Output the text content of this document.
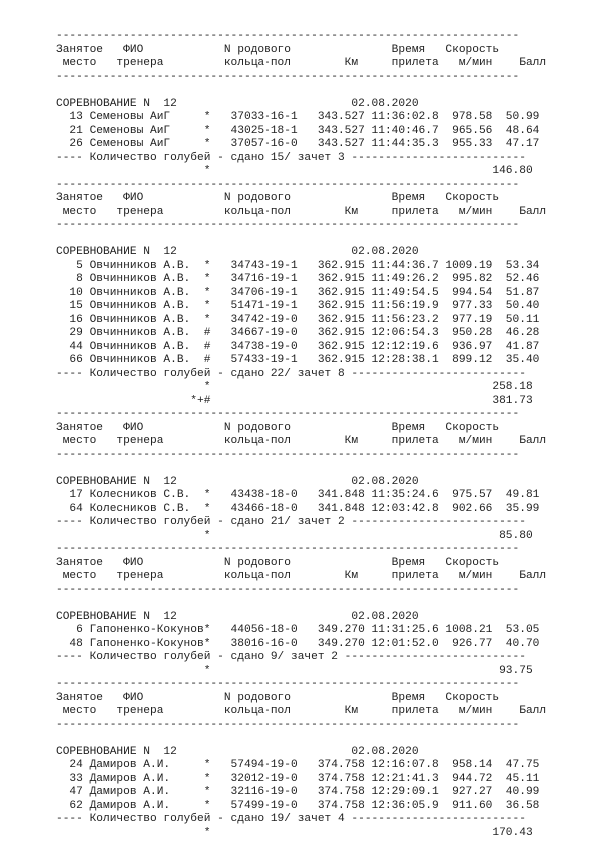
---------------------------------------------------------------------
Занятое   ФИО            N родового               Время   Скорость
место   тренера         кольца-пол        Км     прилета   м/мин    Балл
---------------------------------------------------------------------

СОРЕВНОВАНИЕ N  12                          02.08.2020
13 Семеновы АиГ     *   37033-16-1   343.527 11:36:02.8  978.58  50.99
21 Семеновы АиГ     *   43025-18-1   343.527 11:40:46.7  965.56  48.64
26 Семеновы АиГ     *   37057-16-0   343.527 11:44:35.3  955.33  47.17
---- Количество голубей - сдано 15/ зачет 3 --------------------------
*                                          146.80
---------------------------------------------------------------------
Занятое   ФИО            N родового               Время   Скорость
место   тренера         кольца-пол        Км     прилета   м/мин    Балл
---------------------------------------------------------------------

СОРЕВНОВАНИЕ N  12                          02.08.2020
5 Овчинников А.В.  *   34743-19-1   362.915 11:44:36.7 1009.19  53.34
8 Овчинников А.В.  *   34716-19-1   362.915 11:49:26.2  995.82  52.46
10 Овчинников А.В.  *   34706-19-1   362.915 11:49:54.5  994.54  51.87
15 Овчинников А.В.  *   51471-19-1   362.915 11:56:19.9  977.33  50.40
16 Овчинников А.В.  *   34742-19-0   362.915 11:56:23.2  977.19  50.11
29 Овчинников А.В.  #   34667-19-0   362.915 12:06:54.3  950.28  46.28
44 Овчинников А.В.  #   34738-19-0   362.915 12:12:19.6  936.97  41.87
66 Овчинников А.В.  #   57433-19-1   362.915 12:28:38.1  899.12  35.40
---- Количество голубей - сдано 22/ зачет 8 --------------------------
*                                          258.18
*+#                                          381.73
---------------------------------------------------------------------
Занятое   ФИО            N родового               Время   Скорость
место   тренера         кольца-пол        Км     прилета   м/мин    Балл
---------------------------------------------------------------------

СОРЕВНОВАНИЕ N  12                          02.08.2020
17 Колесников С.В.  *   43438-18-0   341.848 11:35:24.6  975.57  49.81
64 Колесников С.В.  *   43466-18-0   341.848 12:03:42.8  902.66  35.99
---- Количество голубей - сдано 21/ зачет 2 --------------------------
*                                           85.80
---------------------------------------------------------------------
Занятое   ФИО            N родового               Время   Скорость
место   тренера         кольца-пол        Км     прилета   м/мин    Балл
---------------------------------------------------------------------

СОРЕВНОВАНИЕ N  12                          02.08.2020
6 Гапоненко-Кокунов*   44056-18-0   349.270 11:31:25.6 1008.21  53.05
48 Гапоненко-Кокунов*   38016-16-0   349.270 12:01:52.0  926.77  40.70
---- Количество голубей - сдано 9/ зачет 2 ---------------------------
*                                           93.75
---------------------------------------------------------------------
Занятое   ФИО            N родового               Время   Скорость
место   тренера         кольца-пол        Км     прилета   м/мин    Балл
---------------------------------------------------------------------

СОРЕВНОВАНИЕ N  12                          02.08.2020
24 Дамиров А.И.     *   57494-19-0   374.758 12:16:07.8  958.14  47.75
33 Дамиров А.И.     *   32012-19-0   374.758 12:21:41.3  944.72  45.11
47 Дамиров А.И.     *   32116-19-0   374.758 12:29:09.1  927.27  40.99
62 Дамиров А.И.     *   57499-19-0   374.758 12:36:05.9  911.60  36.58
---- Количество голубей - сдано 19/ зачет 4 --------------------------
*                                          170.43
